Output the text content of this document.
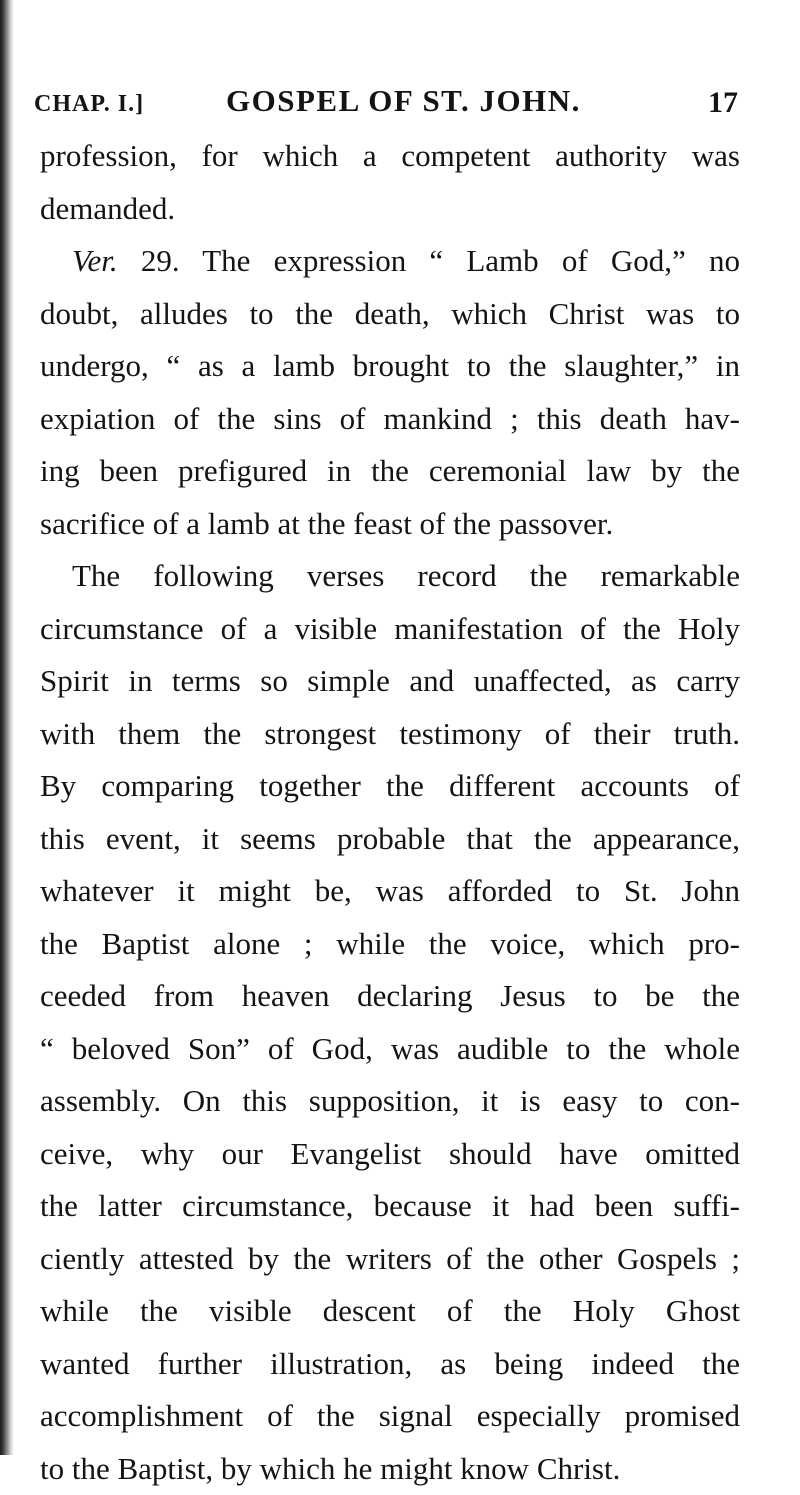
CHAP. I.]	GOSPEL OF ST. JOHN.	17
profession, for which a competent authority was
demanded.
Ver. 29. The expression “ Lamb of God,” no
doubt, alludes to the death, which Christ was to
undergo, “ as a lamb brought to the slaughter,” in
expiation of the sins of mankind ; this death hav-
ing been prefigured in the ceremonial law by the
sacrifice of a lamb at the feast of the passover.
The following verses record the remarkable
circumstance of a visible manifestation of the Holy
Spirit in terms so simple and unaffected, as carry
with them the strongest testimony of their truth.
By comparing together the different accounts of
this event, it seems probable that the appearance,
whatever it might be, was afforded to St. John
the Baptist alone ; while the voice, which pro-
ceeded from heaven declaring Jesus to be the
“ beloved Son” of God, was audible to the whole
assembly. On this supposition, it is easy to con-
ceive, why our Evangelist should have omitted
the latter circumstance, because it had been suffi-
ciently attested by the writers of the other Gospels ;
while the visible descent of the Holy Ghost
wanted further illustration, as being indeed the
accomplishment of the signal especially promised
to the Baptist, by which he might know Christ.
